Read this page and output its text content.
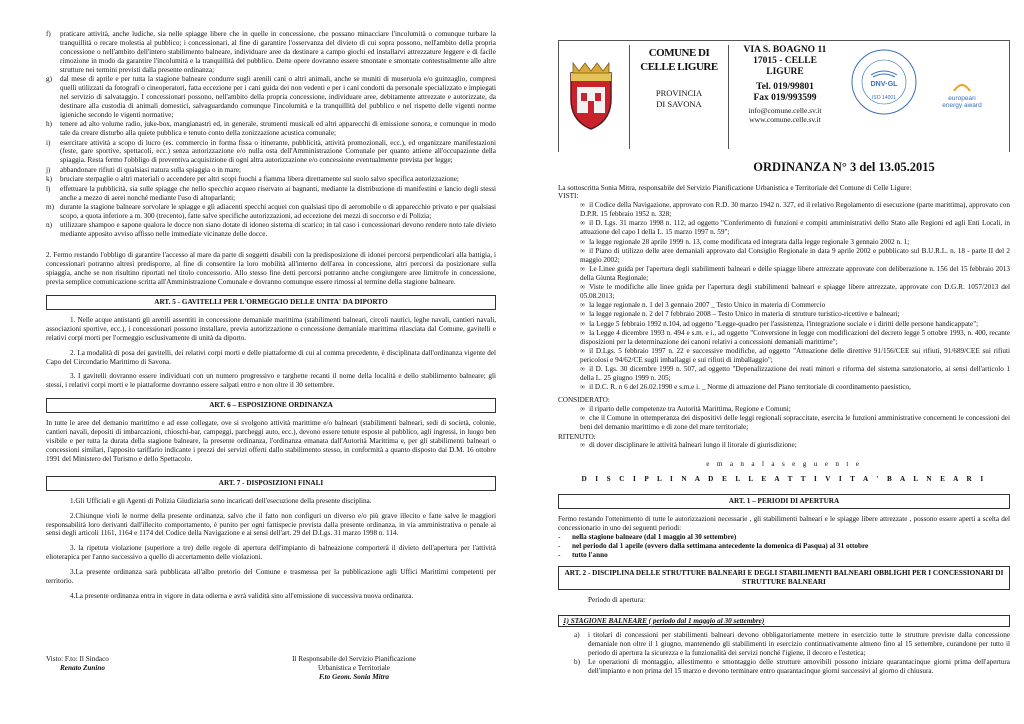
f)	praticare attività, anche ludiche, sia nelle spiagge libere che in quelle in concessione, che possano minacciare l'incolumità o comunque turbare la tranquillità o recare molestia al pubblico; i concessionari, al fine di garantire l'osservanza del divieto di cui sopra possono, nell'ambito della propria concessione o nell'ambito dell'intero stabilimento balneare, individuare aree da destinare a campo giochi ed installarvi attrezzature leggere e di facile rimozione in modo da garantire l'incolumità e la tranquillità del pubblico. Dette opere dovranno essere smontate e smontate contestualmente alle altre strutture nei termini previsti dalla presente ordinanza;
g)	dal mese di aprile e per tutta la stagione balneare condurre sugli arenili cani o altri animali, anche se muniti di museruola e/o guinzaglio, compresi quelli utilizzati da fotografi o cineoperatori, fatta eccezione per i cani guida dei non vedenti e per i cani condotti da personale specializzato e impiegati nel servizio di salvataggio. I concessionari possono, nell'ambito della propria concessione, individuare aree, debitamente attrezzate e autorizzate, da destinare alla custodia di animali domestici, salvaguardando comunque l'incolumità e la tranquillità del pubblico e nel rispetto delle vigenti norme igieniche secondo le vigenti normative;
h)	tenere ad alto volume radio, juke-box, mangianastri ed, in generale, strumenti musicali ed altri apparecchi di emissione sonora, e comunque in modo tale da creare disturbo alla quiete pubblica e tenuto conto della zonizzazione acustica comunale;
i)	esercitare attività a scopo di lucro (es. commercio in forma fissa o itinerante, pubblicità, attività promozionali, ecc.), ed organizzare manifestazioni (feste, gare sportive, spettacoli, ecc.) senza autorizzazione e/o nulla osta dell'Amministrazione Comunale per quanto attiene all'occupazione della spiaggia. Resta fermo l'obbligo di preventiva acquisizione di ogni altra autorizzazione e/o concessione eventualmente prevista per legge;
j)	abbandonare rifiuti di qualsiasi natura sulla spiaggia o in mare;
k)	bruciare sterpaglie o altri materiali o accendere per altri scopi fuochi a fiamma libera direttamente sul suolo salvo specifica autorizzazione;
l)	effettuare la pubblicità, sia sulle spiagge che nello specchio acqueo riservato ai bagnanti, mediante la distribuzione di manifestini e lancio degli stessi anche a mezzo di aerei nonché mediante l'uso di altoparlanti;
m) durante la stagione balneare sorvolare le spiagge e gli adiacenti specchi acquei con qualsiasi tipo di aeromobile o di apparecchio privato e per qualsiasi scopo, a quota inferiore a m. 300 (trecento), fatte salve specifiche autorizzazioni, ad eccezione dei mezzi di soccorso e di Polizia;
n)	utilizzare shampoo e sapone qualora le docce non siano dotate di idoneo sistema di scarico; in tal caso i concessionari devono rendere noto tale divieto mediante apposito avviso affisso nelle immediate vicinanze delle docce.

2. Fermo restando l'obbligo di garantire l'accesso al mare da parte di soggetti disabili con la predisposizione di idonei percorsi perpendicolari alla battigia, i concessionari potranno altresì predisporre, al fine di consentire la loro mobilità all'interno dell'area in concessione, altri percorsi da posizionare sulla spiaggia, anche se non risultino riportati nel titolo concessorio. Allo stesso fine detti percorsi potranno anche congiungere aree limitrofe in concessione, previa semplice comunicazione scritta all'Amministrazione Comunale e dovranno comunque essere rimossi al termine della stagione balneare.

ART. 5 - GAVITELLI PER L'ORMEGGIO DELLE UNITA' DA DIPORTO

1. Nelle acque antistanti gli arenili assentiti in concessione demaniale marittima (stabilimenti balneari, circoli nautici, leghe navali, cantieri navali, associazioni sportive, ecc.), i concessionari possono installare, previa autorizzazione o concessione demaniale marittima rilasciata dal Comune, gavitelli e relativi corpi morti per l'ormeggio esclusivamente di unità da diporto.

2. La modalità di posa dei gavitelli, dei relativi corpi morti e delle piattaforme di cui al comma precedente, è disciplinata dall'ordinanza vigente del Capo del Circondario Marittimo di Savona.

3. I gavitelli dovranno essere individuati con un numero progressivo e targhette recanti il nome della località e dello stabilimento balneare; gli stessi, i relativi corpi morti e le piattaforme dovranno essere salpati entro e non oltre il 30 settembre.

ART. 6 – ESPOSIZIONE ORDINANZA

In tutte le aree del demanio marittimo e ad esse collegate, ove si svolgono attività marittime e/o balneari (stabilimenti balneari, sedi di società, colonie, cantieri navali, depositi di imbarcazioni, chioschi-bar, campeggi, parcheggi auto, ecc.), devono essere tenute esposte al pubblico, agli ingressi, in luogo ben visibile e per tutta la durata della stagione balneare, la presente ordinanza, l'ordinanza emanata dall'Autorità Marittima e, per gli stabilimenti balneari o concessioni similari, l'apposito tariffario indicante i prezzi dei servizi offerti dallo stabilimento stesso, in conformità a quanto disposto dai D.M. 16 ottobre 1991 del Ministero del Turismo e dello Spettacolo.

ART. 7 - DISPOSIZIONI FINALI

1.Gli Ufficiali e gli Agenti di Polizia Giudiziaria sono incaricati dell'esecuzione della presente disciplina.

2.Chiunque violi le norme della presente ordinanza, salvo che il fatto non configuri un diverso e/o più grave illecito e fatte salve le maggiori responsabilità loro derivanti dall'illecito comportamento, è punito per ogni fattispecie prevista dalla presente ordinanza, in via amministrativa o penale ai sensi degli articoli 1161, 1164 e 1174 del Codice della Navigazione e ai sensi dell'art. 29 del D.Lgs. 31 marzo 1998 n. 114.

3. la ripetuta violazione (superiore a tre) delle regole di apertura dell'impianto di balneazione comporterà il divieto dell'apertura per l'attività elioterapica per l'anno successivo a quello di accertamento delle violazioni.

3.La presente ordinanza sarà pubblicata all'albo pretorio del Comune e trasmessa per la pubblicazione agli Uffici Marittimi competenti per territorio.

4.La presente ordinanza entra in vigore in data odierna e avrà validità sino all'emissione di successiva nuova ordinanza.

Visto: F.to: Il Sindaco
Renato Zunino
Il Responsabile del Servizio Pianificazione
Urbanistica e Territoriale
F.to Geom. Sonia Mitra
COMUNE DI
CELLE LIGURE
PROVINCIA
DI SAVONA
VIA S. BOAGNO 11
17015 - CELLE
LIGURE
Tel. 019/99801
Fax 019/993599
info@comune.celle.sv.it
www.comune.celle.sv.it
DNV·GL
ISO 14001	european
energy award
ORDINANZA N° 3 del 13.05.2015

La sottoscritta Sonia Mitra, responsabile del Servizio Pianificazione Urbanistica e Territoriale del Comune di Celle Ligure:

VISTI:
∞ il Codice della Navigazione, approvato con R.D. 30 marzo 1942 n. 327, ed il relativo Regolamento di esecuzione (parte marittima), approvato con D.P.R. 15 febbraio 1952 n. 328;
∞ il D. Lgs. 31 marzo 1998 n. 112, ad oggetto "Conferimento di funzioni e compiti amministrativi dello Stato alle Regioni ed agli Enti Locali, in attuazione del capo I della L. 15 marzo 1997 n. 59";
∞ la legge regionale 28 aprile 1999 n. 13, come modificata ed integrata dalla legge regionale 3 gennaio 2002 n. 1;
∞ il Piano di utilizzo delle aree demaniali approvato dal Consiglio Regionale in data 9 aprile 2002 e pubblicato sul B.U.R.L. n. 18 - parte II del 2 maggio 2002;
∞ Le Linee guida per l'apertura degli stabilimenti balneari e delle spiagge libere attrezzate approvate con deliberazione n. 156 del 15 febbraio 2013 della Giunta Regionale;
∞ Viste le modifiche alle linee guida per l'apertura degli stabilimenti balneari e spiagge libere attrezzate, approvate con D.G.R. 1057/2013 del 05.08.2013;
∞ la legge regionale n. 1 del 3 gennaio 2007 _ Testo Unico in materia di Commercio
∞ la legge regionale n. 2 del 7 febbraio 2008 – Testo Unico in materia di strutture turistico-ricettive e balneari;
∞ la Legge 5 febbraio 1992 n.104, ad oggetto "Legge-quadro per l'assistenza, l'integrazione sociale e i diritti delle persone handicappate";
∞ la Legge 4 dicembre 1993 n. 494 e s.m. e i., ad oggetto "Conversione in legge con modificazioni del decreto legge 5 ottobre 1993, n. 400, recante disposizioni per la determinazione dei canoni relativi a concessioni demaniali marittime";
∞ il D.Lgs. 5 febbraio 1997 n. 22 e successive modifiche, ad oggetto "Attuazione delle direttive 91/156/CEE sui rifiuti, 91/689/CEE sui rifiuti pericolosi e 94/62/CE sugli imballaggi e sui rifiuti di imballaggio";
∞ il D. Lgs. 30 dicembre 1999 n. 507, ad oggetto "Depenalizzazione dei reati minori e riforma del sistema sanzionatorio, ai sensi dell'articolo 1 della L. 25 giugno 1999 n. 205;
∞ il D.C. R. n 6 del 26.02.1990 e s.m.e i. _ Norme di attuazione del Piano territoriale di coordinamento paesistico,
CONSIDERATO:
∞ il riparto delle competenze tra Autorità Marittima, Regione e Comuni;
∞ che il Comune in ottemperanza dei dispositivi delle leggi regionali sopraccitate, esercita le funzioni amministrative concernenti le concessioni dei beni del demanio marittimo e di zone del mare territoriale;
RITENUTO:
∞ di dover disciplinare le attività balneari lungo il litorale di giurisdizione;
e m a n a l a s e g u e n t e
D I S C I P L I N A D E L L E A T T I V I T A ' B A L N E A R I
ART. 1 – PERIODI DI APERTURA

Fermo restando l'ottenimento di tutte le autorizzazioni necessarie , gli stabilimenti balneari e le spiagge libere attrezzate , possono essere aperti a scelta del concessionario in uno dei seguenti periodi:

-	nella stagione balneare (dal 1 maggio al 30 settembre)
-	nel periodo dal 1 aprile (ovvero dalla settimana antecedente la domenica di Pasqua) al 31 ottobre
-	tutto l'anno
ART. 2 - DISCIPLINA DELLE STRUTTURE BALNEARI E DEGLI STABILIMENTI BALNEARI OBBLIGHI PER I CONCESSIONARI DI STRUTTURE BALNEARI

Periodo di apertura:

1) STAGIONE BALNEARE ( periodo dal 1 maggio al 30 settembre)
a)	i titolari di concessioni per stabilimenti balneari devono obbligatoriamente mettere in esercizio tutte le strutture previste dalla concessione demaniale non oltre il 1 giugno, mantenendo gli stabilimenti in esercizio continuativamente almeno fino al 15 settembre, curandone per tutto il periodo di apertura la sicurezza e la funzionalità dei servizi nonché l'igiene, il decoro e l'estetica;
b)	Le operazioni di montaggio, allestimento e smontaggio delle strutture amovibili possono iniziare quarantacinque giorni prima dell'apertura dell'impianto e non prima del 15 marzo e devono terminare entro quarantacinque giorni successivi al giorno di chiusura.
